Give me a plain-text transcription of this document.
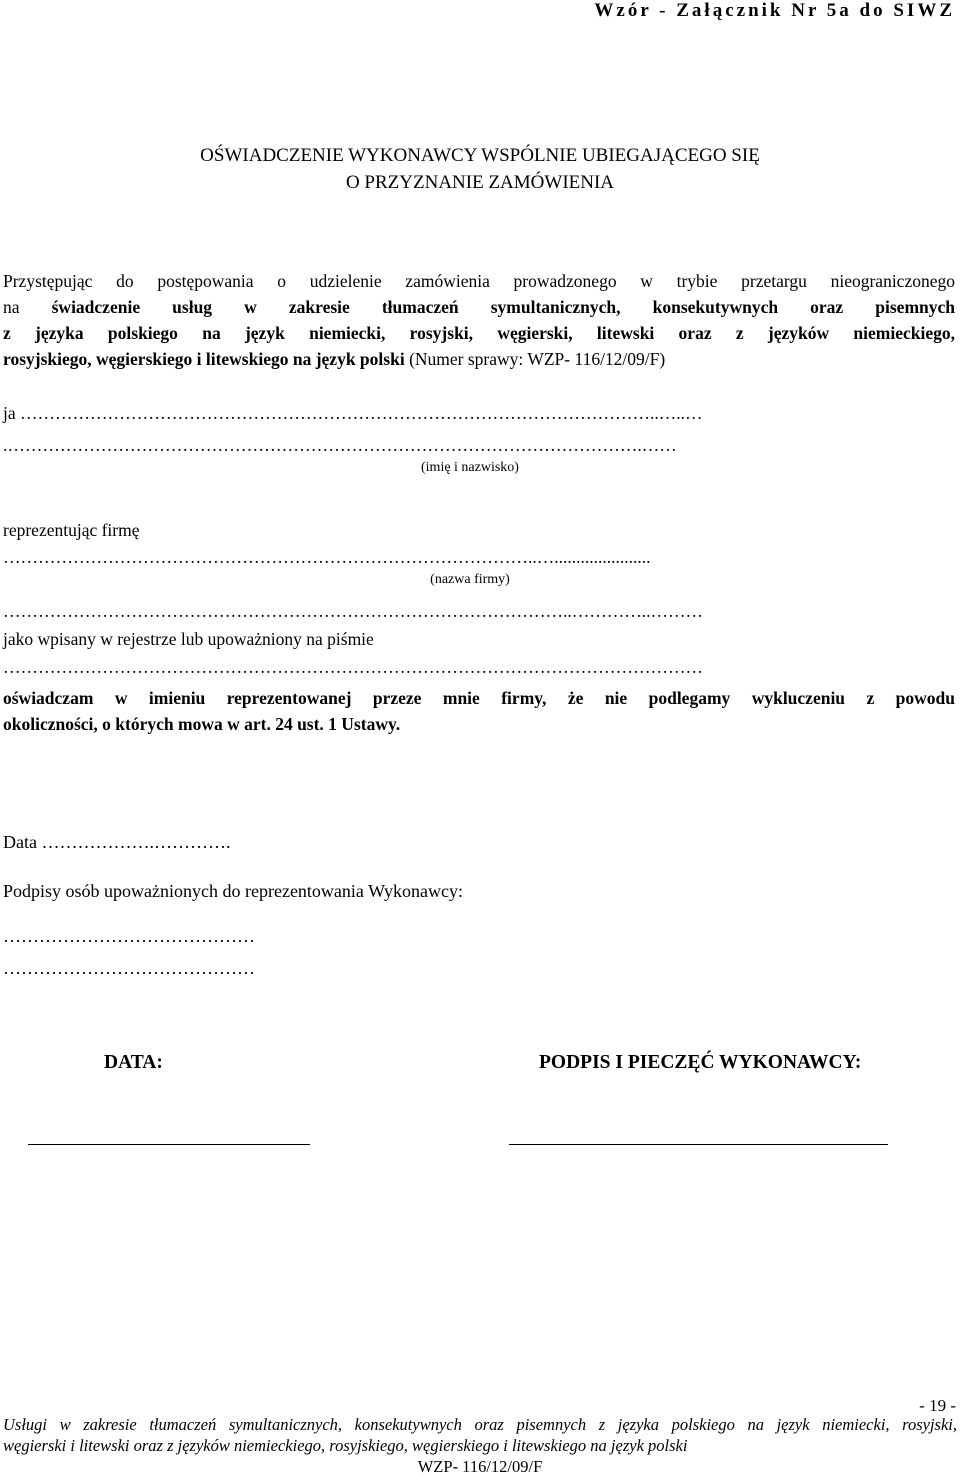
Wzór - Załącznik Nr 5a do SIWZ
OŚWIADCZENIE WYKONAWCY WSPÓLNIE UBIEGAJĄCEGO SIĘ
O PRZYZNANIE ZAMÓWIENIA
Przystępując do postępowania o udzielenie zamówienia prowadzonego w trybie przetargu nieograniczonego
na świadczenie usług w zakresie tłumaczeń symultanicznych, konsekutywnych oraz pisemnych
z języka polskiego na język niemiecki, rosyjski, węgierski, litewski oraz z języków niemieckiego,
rosyjskiego, węgierskiego i litewskiego na język polski (Numer sprawy: WZP- 116/12/09/F)
ja ………………………………………………………………………………………………..…..…
.……………………………………………………………………………………………….……
(imię i nazwisko)
reprezentując firmę
………………………………………………………………………………..…......................
(nazwa firmy)
……………………………………………………………………………………..…………..………
jako wpisany w rejestrze lub upoważniony na piśmie
…………………………………………………………………………………………………………
oświadczam w imieniu reprezentowanej przeze mnie firmy, że nie podlegamy wykluczeniu z powodu
okoliczności, o których mowa w art. 24 ust. 1 Ustawy.
Data ……………….………….
Podpisy osób upoważnionych do reprezentowania Wykonawcy:
……………………………………
……………………………………
DATA:	PODPIS I PIECZĘĆ WYKONAWCY:
- 19 -
Usługi w zakresie tłumaczeń symultanicznych, konsekutywnych oraz pisemnych z języka polskiego na język niemiecki, rosyjski,
węgierski i litewski oraz z języków niemieckiego, rosyjskiego, węgierskiego i litewskiego na język polski
WZP- 116/12/09/F
